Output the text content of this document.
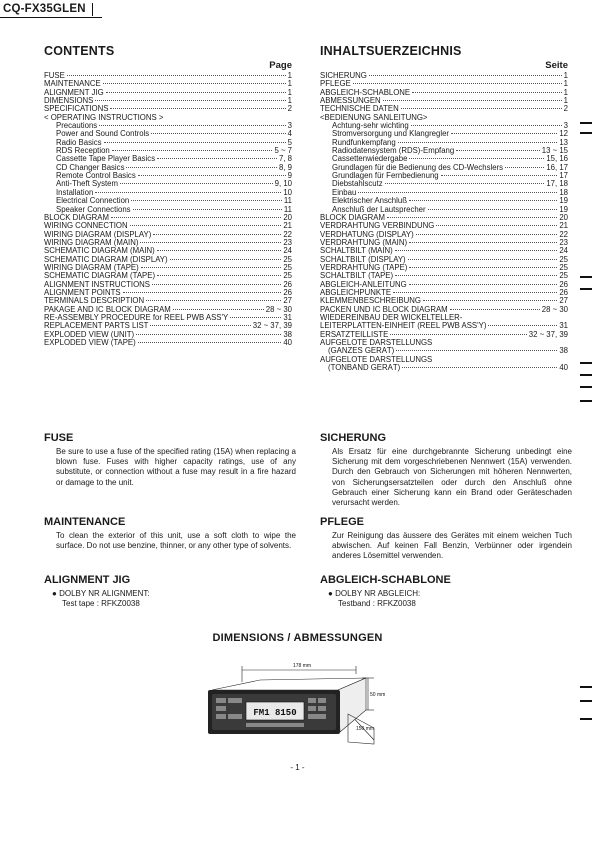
CQ-FX35GLEN
CONTENTS
Page
FUSE	1
MAINTENANCE	1
ALIGNMENT JIG	1
DIMENSIONS	1
SPECIFICATIONS	2
< OPERATING INSTRUCTIONS >
Precautions	3
Power and Sound Controls	4
Radio Basics	5
RDS Reception	5 ~ 7
Cassette Tape Player Basics	7, 8
CD Changer Basics	8, 9
Remote Control Basics	9
Anti-Theft System	9, 10
Installation	10
Electrical Connection	11
Speaker Connections	11
BLOCK DIAGRAM	20
WIRING CONNECTION	21
WIRING DIAGRAM (DISPLAY)	22
WIRING DIAGRAM (MAIN)	23
SCHEMATIC DIAGRAM (MAIN)	24
SCHEMATIC DIAGRAM (DISPLAY)	25
WIRING DIAGRAM (TAPE)	25
SCHEMATIC DIAGRAM (TAPE)	25
ALIGNMENT INSTRUCTIONS	26
ALIGNMENT POINTS	26
TERMINALS DESCRIPTION	27
PAKAGE AND IC BLOCK DIAGRAM	28 ~ 30
RE-ASSEMBLY PROCEDURE for REEL PWB ASS'Y	31
REPLACEMENT PARTS LIST	32 ~ 37, 39
EXPLODED VIEW (UNIT)	38
EXPLODED VIEW (TAPE)	40
INHALTSUERZEICHNIS
Seite
SICHERUNG	1
PFLEGE	1
ABGLEICH-SCHABLONE	1
ABMESSUNGEN	1
TECHNISCHE DATEN	2
<BEDIENUNG SANLEITUNG>
Achtung-sehr wichting	3
Stromversorgung und Klangregler	12
Rundfunkempfang	13
Radiodatensystem (RDS)-Empfang	13 ~ 15
Cassettenwiedergabe	15, 16
Grundlagen für die Bedienung des CD-Wechslers	16, 17
Grundlagen für Fernbedienung	17
Diebstahlscutz	17, 18
Einbau	18
Elektrischer Anschluß	19
Anschluß der Lautsprecher	19
BLOCK DIAGRAM	20
VERDRAHTUNG VERBINDUNG	21
VERDHATUNG (DISPLAY)	22
VERDRAHTUNG (MAIN)	23
SCHALTBILT (MAIN)	24
SCHALTBILT (DISPLAY)	25
VERDRAHTUNG (TAPE)	25
SCHALTBILT (TAPE)	25
ABGLEICH-ANLEITUNG	26
ABGLEICHPUNKTE	26
KLEMMENBESCHREIBUNG	27
PACKEN UND IC BLOCK DIAGRAM	28 ~ 30
WIEDEREINBAU DER WICKELTELLER-
LEITERPLATTEN-EINHEIT (REEL PWB ASS'Y)	31
ERSATZTEILLISTE	32 ~ 37, 39
AUFGELÖTE DARSTELLUNGS
(GANZES GERÄT)	38
AUFGELÖTE DARSTELLUNGS
(TONBAND GERÄT)	40
FUSE

Be sure to use a fuse of the specified rating (15A) when replacing a blown fuse. Fuses with higher capacity ratings, use of any substitute, or connection without a fuse may result in a fire hazard or damage to the unit.

SICHERUNG

Als Ersatz für eine durchgebrannte Sicherung unbedingt eine Sicherung mit dem vorgeschriebenen Nennwert (15A) verwenden. Durch den Gebrauch von Sicherungen mit höheren Nennwerten, von Sicherungsersatzteilen oder durch den Anschluß ohne Gebrauch einer Sicherung kann ein Brand oder Geräteschaden verursacht werden.

MAINTENANCE

To clean the exterior of this unit, use a soft cloth to wipe the surface. Do not use benzine, thinner, or any other type of solvents.

PFLEGE

Zur Reinigung das äussere des Gerätes mit einem weichen Tuch abwischen. Auf keinen Fall Benzin, Verbünner oder irgendein anderes Lösemittel verwenden.

ALIGNMENT JIG
● DOLBY NR ALIGNMENT:
Test tape : RFKZ0038
ABGLEICH-SCHABLONE
● DOLBY NR ABGLEICH:
Testband : RFKZ0038
DIMENSIONS / ABMESSUNGEN
FM1 8150
178 mm
50 mm
150 mm
- 1 -
